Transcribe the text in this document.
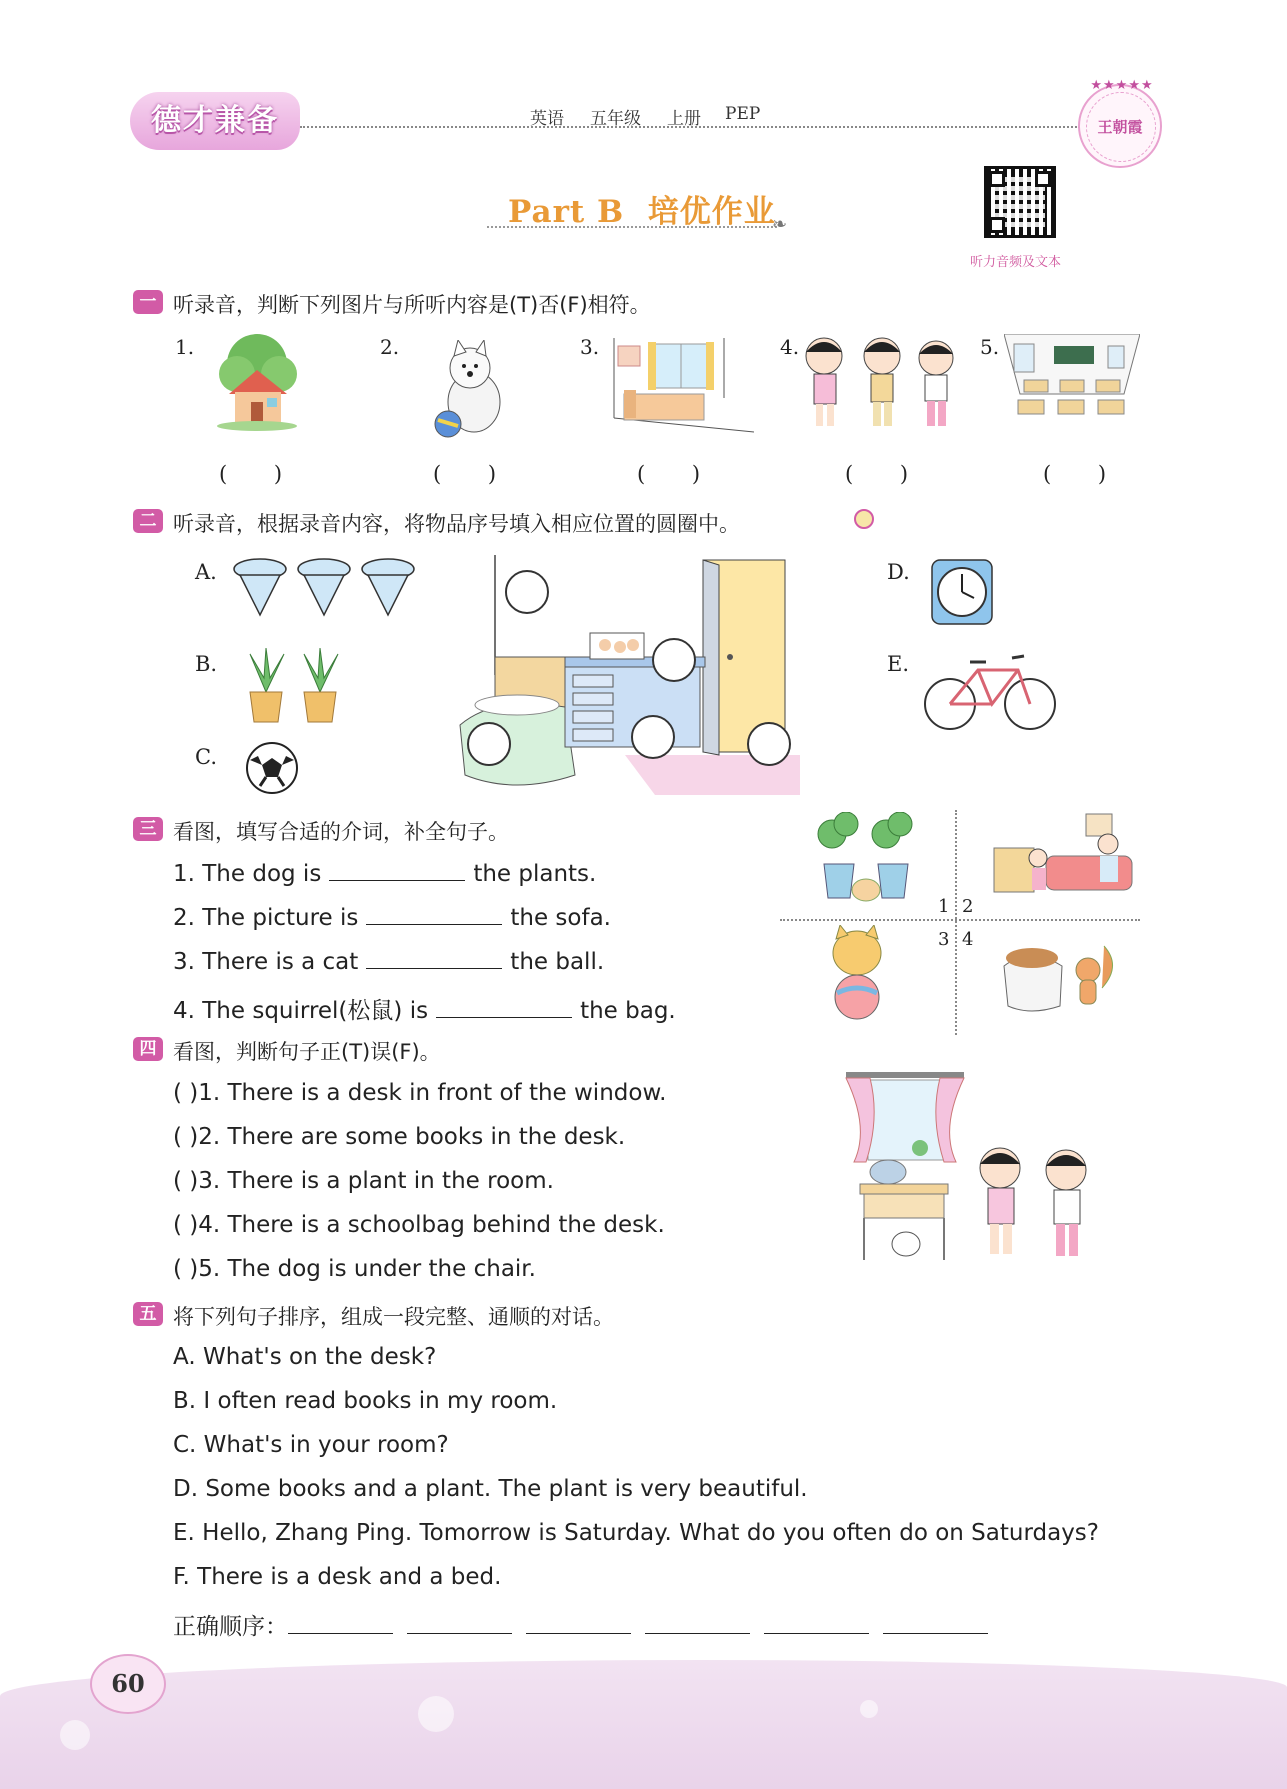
德才兼备	英语 五年级 上册 PEP
★★★★★
王朝霞
Part B 培优作业
❧
听力音频及文本
一 听录音，判断下列图片与所听内容是(T)否(F)相符。
1.
( )
2.
( )
3.
( )
4.
( )
5.
( )
二 听录音，根据录音内容，将物品序号填入相应位置的圆圈中。
A.
B.
C.
D.
E.
三 看图，填写合适的介词，补全句子。
1. The dog is	the plants.
2. The picture is	the sofa.
3. There is a cat	the ball.
4. The squirrel(松鼠) is	the bag.
1 2
3 4
四 看图，判断句子正(T)误(F)。
( )1. There is a desk in front of the window.
( )2. There are some books in the desk.
( )3. There is a plant in the room.
( )4. There is a schoolbag behind the desk.
( )5. The dog is under the chair.
五 将下列句子排序，组成一段完整、通顺的对话。
A. What's on the desk?
B. I often read books in my room.
C. What's in your room?
D. Some books and a plant. The plant is very beautiful.
E. Hello, Zhang Ping. Tomorrow is Saturday. What do you often do on Saturdays?
F. There is a desk and a bed.
正确顺序：
60
